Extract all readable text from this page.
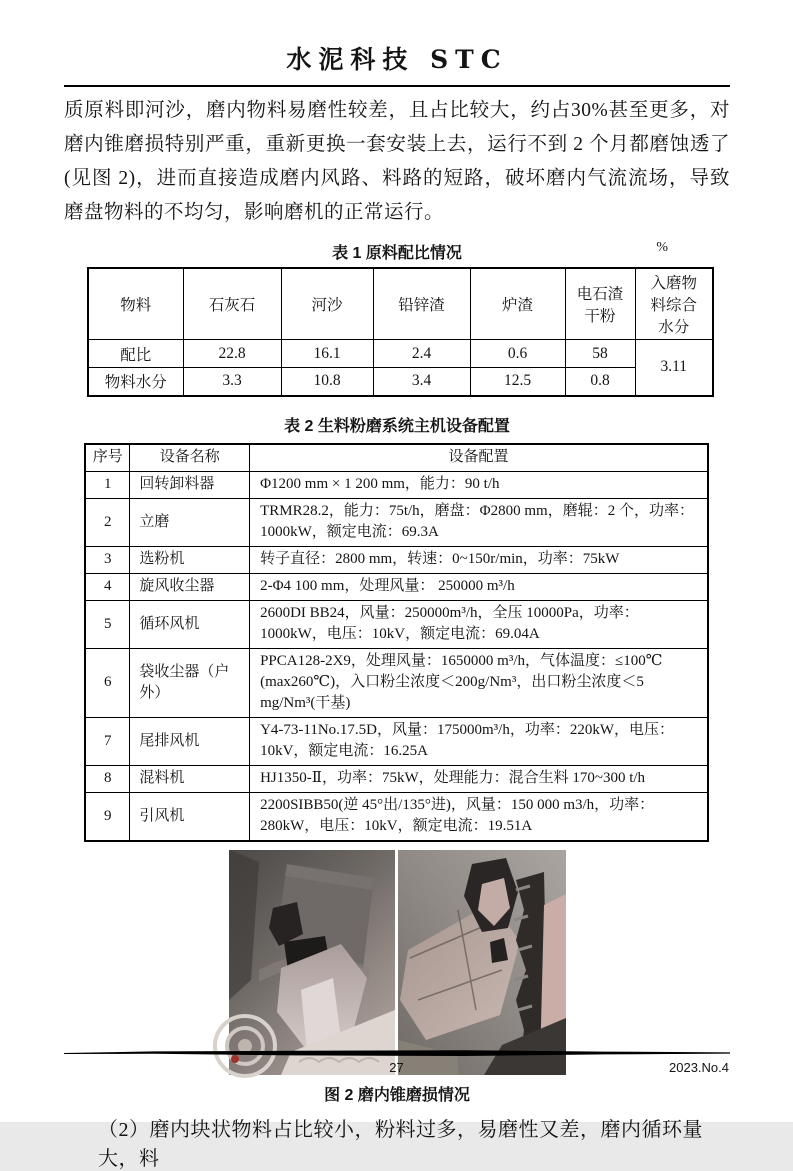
水泥科技 STC
质原料即河沙，磨内物料易磨性较差，且占比较大，约占30%甚至更多，对磨内锥磨损特别严重，重新更换一套安装上去，运行不到 2 个月都磨蚀透了(见图 2)，进而直接造成磨内风路、料路的短路，破坏磨内气流流场，导致磨盘物料的不均匀，影响磨机的正常运行。
表 1 原料配比情况	%
物料	石灰石	河沙	铅锌渣	炉渣	电石渣 干粉	入磨物料综合 水分
配比	22.8	16.1	2.4	0.6	58	3.11
物料水分	3.3	10.8	3.4	12.5	0.8	
表 2 生料粉磨系统主机设备配置
序号	设备名称	设备配置
1	回转卸料器	Φ1200 mm × 1 200 mm，能力：90 t/h
2	立磨	TRMR28.2，能力：75t/h，磨盘：Φ2800 mm，磨辊：2 个，功率：1000kW，额定电流：69.3A
3	选粉机	转子直径：2800 mm，转速：0~150r/min，功率：75kW
4	旋风收尘器	2-Φ4 100 mm，处理风量： 250000 m³/h
5	循环风机	2600DI BB24，风量：250000m³/h，全压 10000Pa，功率：1000kW，电压：10kV，额定电流：69.04A
6	袋收尘器（户外）	PPCA128-2X9，处理风量：1650000 m³/h，气体温度：≤100℃(max260℃)，入口粉尘浓度＜200g/Nm³，出口粉尘浓度＜5 mg/Nm³(干基)
7	尾排风机	Y4-73-11No.17.5D，风量：175000m³/h，功率：220kW，电压：10kV，额定电流：16.25A
8	混料机	HJ1350-Ⅱ，功率：75kW，处理能力：混合生料 170~300 t/h
9	引风机	2200SIBB50(逆 45°出/135°进)，风量：150 000 m3/h，功率：280kW，电压：10kV，额定电流：19.51A
图 2 磨内锥磨损情况
（2）磨内块状物料占比较小，粉料过多，易磨性又差，磨内循环量大，料
27	2023.No.4
